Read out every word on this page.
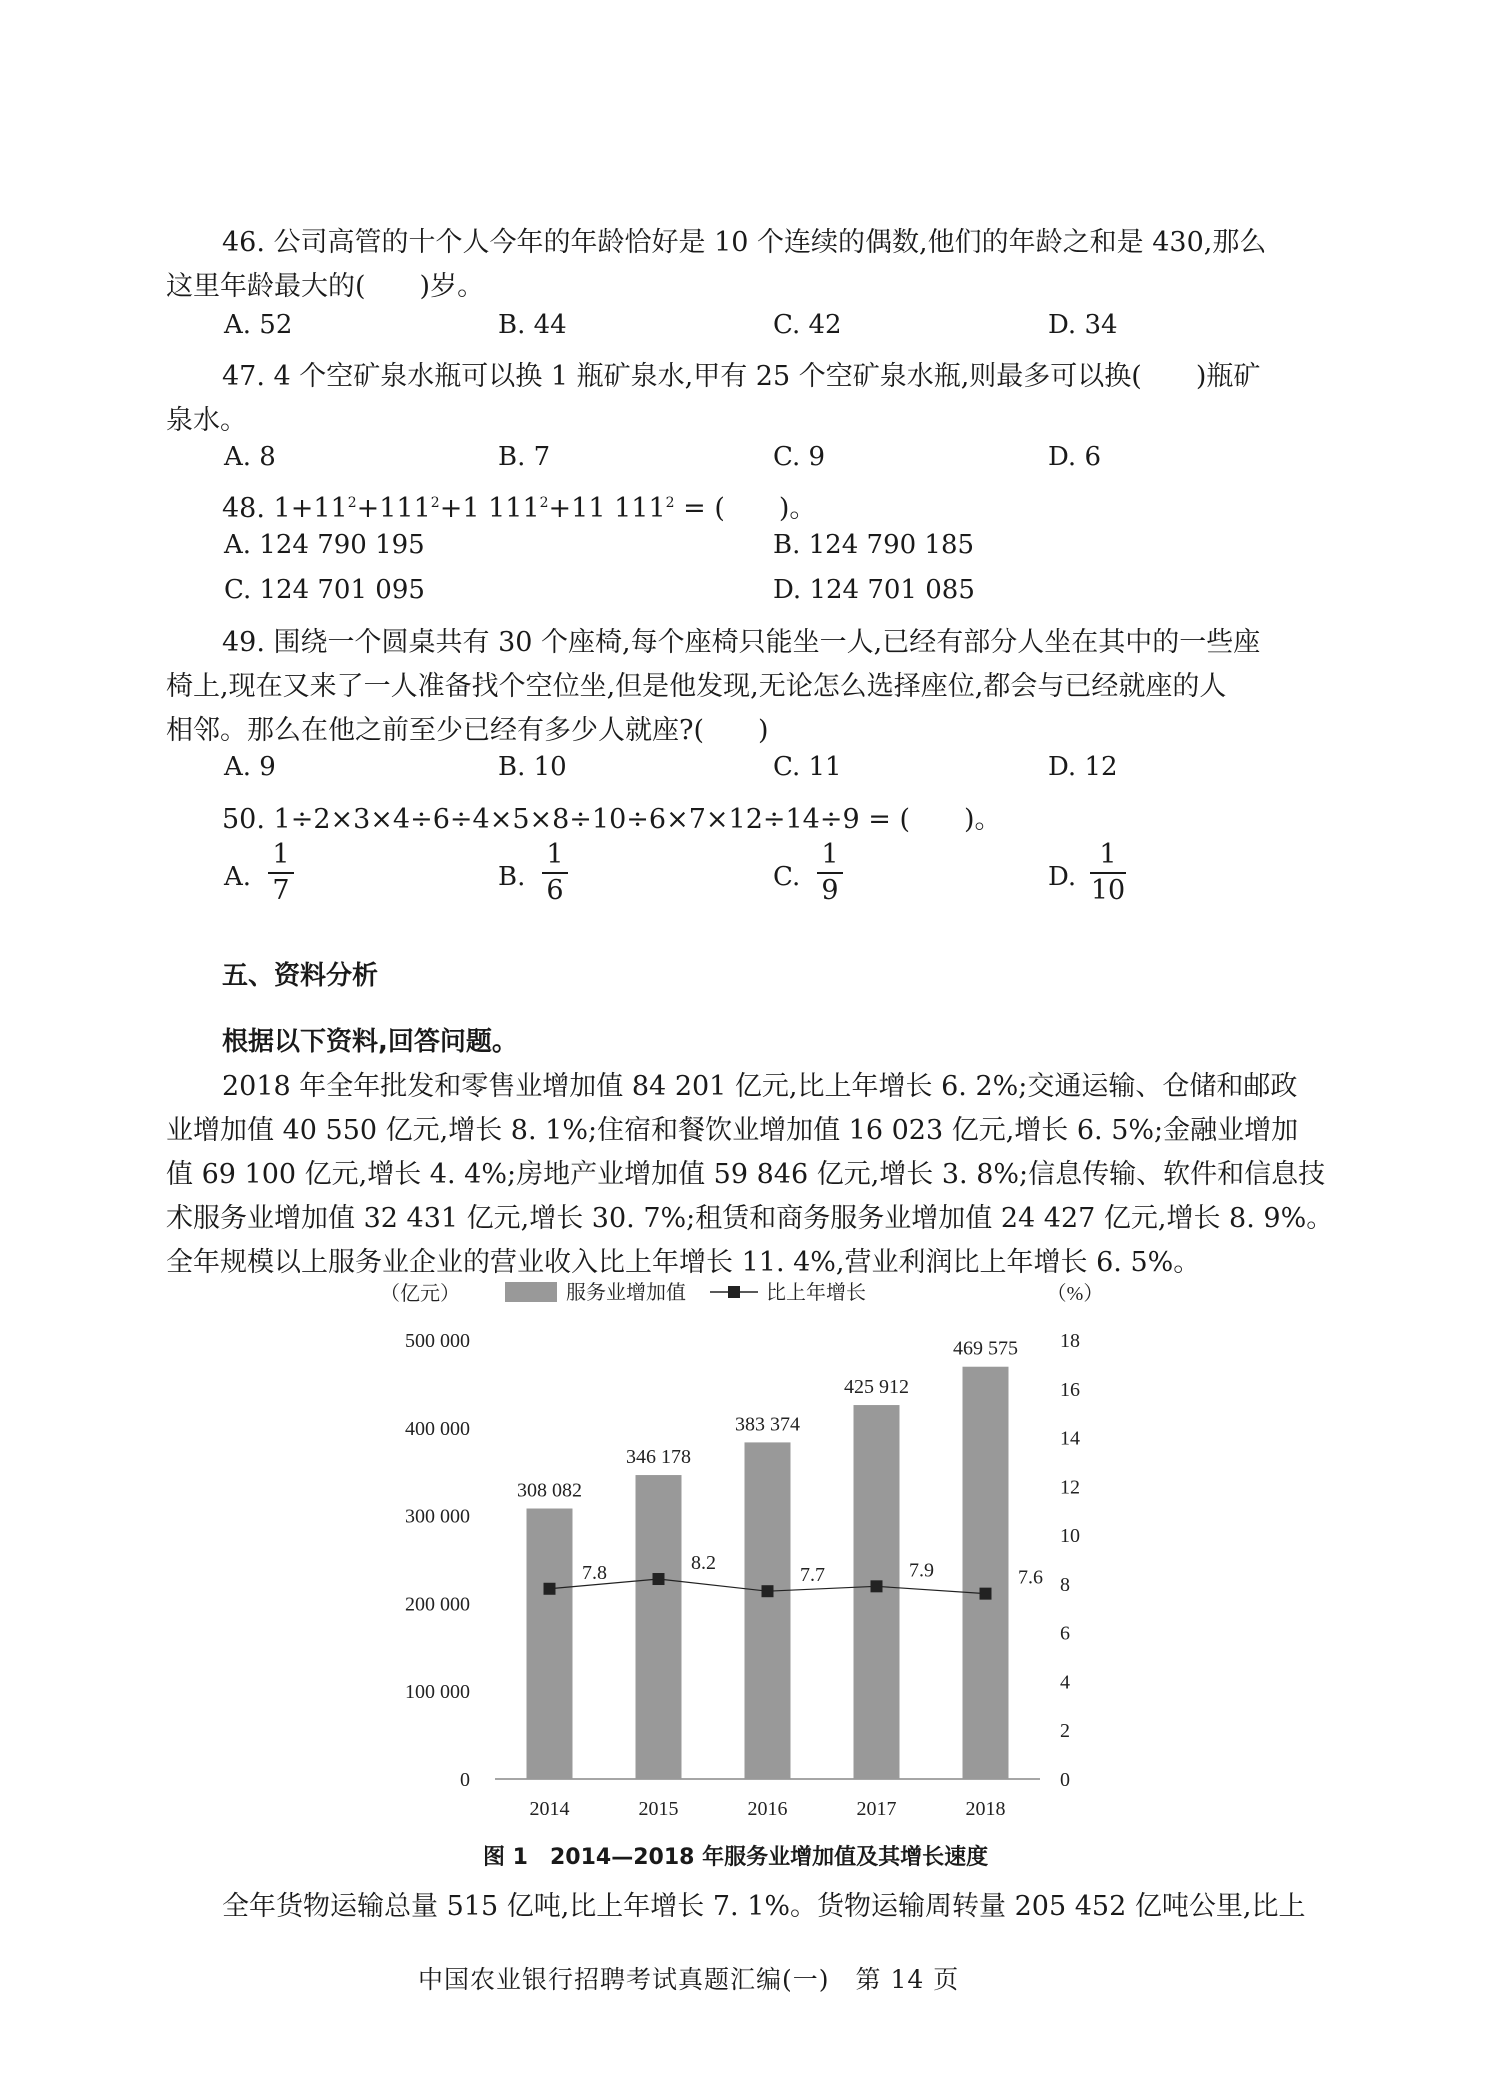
46. 公司高管的十个人今年的年龄恰好是 10 个连续的偶数,他们的年龄之和是 430,那么
这里年龄最大的(　　)岁。
A. 52	B. 44	C. 42	D. 34
47. 4 个空矿泉水瓶可以换 1 瓶矿泉水,甲有 25 个空矿泉水瓶,则最多可以换(　　)瓶矿
泉水。
A. 8	B. 7	C. 9	D. 6
48. $1+11^2+111^2+1$ $111^2+11$ $111^2$ = (　　)。
A. 124 790 195	B. 124 790 185
C. 124 701 095	D. 124 701 085
49. 围绕一个圆桌共有 30 个座椅,每个座椅只能坐一人,已经有部分人坐在其中的一些座
椅上,现在又来了一人准备找个空位坐,但是他发现,无论怎么选择座位,都会与已经就座的人
相邻。那么在他之前至少已经有多少人就座?(　　)
A. 9	B. 10	C. 11	D. 12
50. 1÷2×3×4÷6÷4×5×8÷10÷6×7×12÷14÷9 = (　　)。
A.
1
7	B.
1
6	C.
1
9	D.
1
10
五、资料分析
根据以下资料,回答问题。
2018 年全年批发和零售业增加值 84 201 亿元,比上年增长 6. 2%;交通运输、仓储和邮政
业增加值 40 550 亿元,增长 8. 1%;住宿和餐饮业增加值 16 023 亿元,增长 6. 5%;金融业增加
值 69 100 亿元,增长 4. 4%;房地产业增加值 59 846 亿元,增长 3. 8%;信息传输、软件和信息技
术服务业增加值 32 431 亿元,增长 30. 7%;租赁和商务服务业增加值 24 427 亿元,增长 8. 9%。
全年规模以上服务业企业的营业收入比上年增长 11. 4%,营业利润比上年增长 6. 5%。
（亿元）	（%）
0
100 000
200 000
300 000
400 000
500 000
0
2
4
6
8
10
12
14
16
18
308 082
2014
346 178
2015
383 374
2016
425 912
2017
469 575
2018
7.8	8.2
7.7	7.9	7.6
服务业增加值	比上年增长
图 1　2014—2018 年服务业增加值及其增长速度
全年货物运输总量 515 亿吨,比上年增长 7. 1%。货物运输周转量 205 452 亿吨公里,比上
中国农业银行招聘考试真题汇编(一)　第 14 页
